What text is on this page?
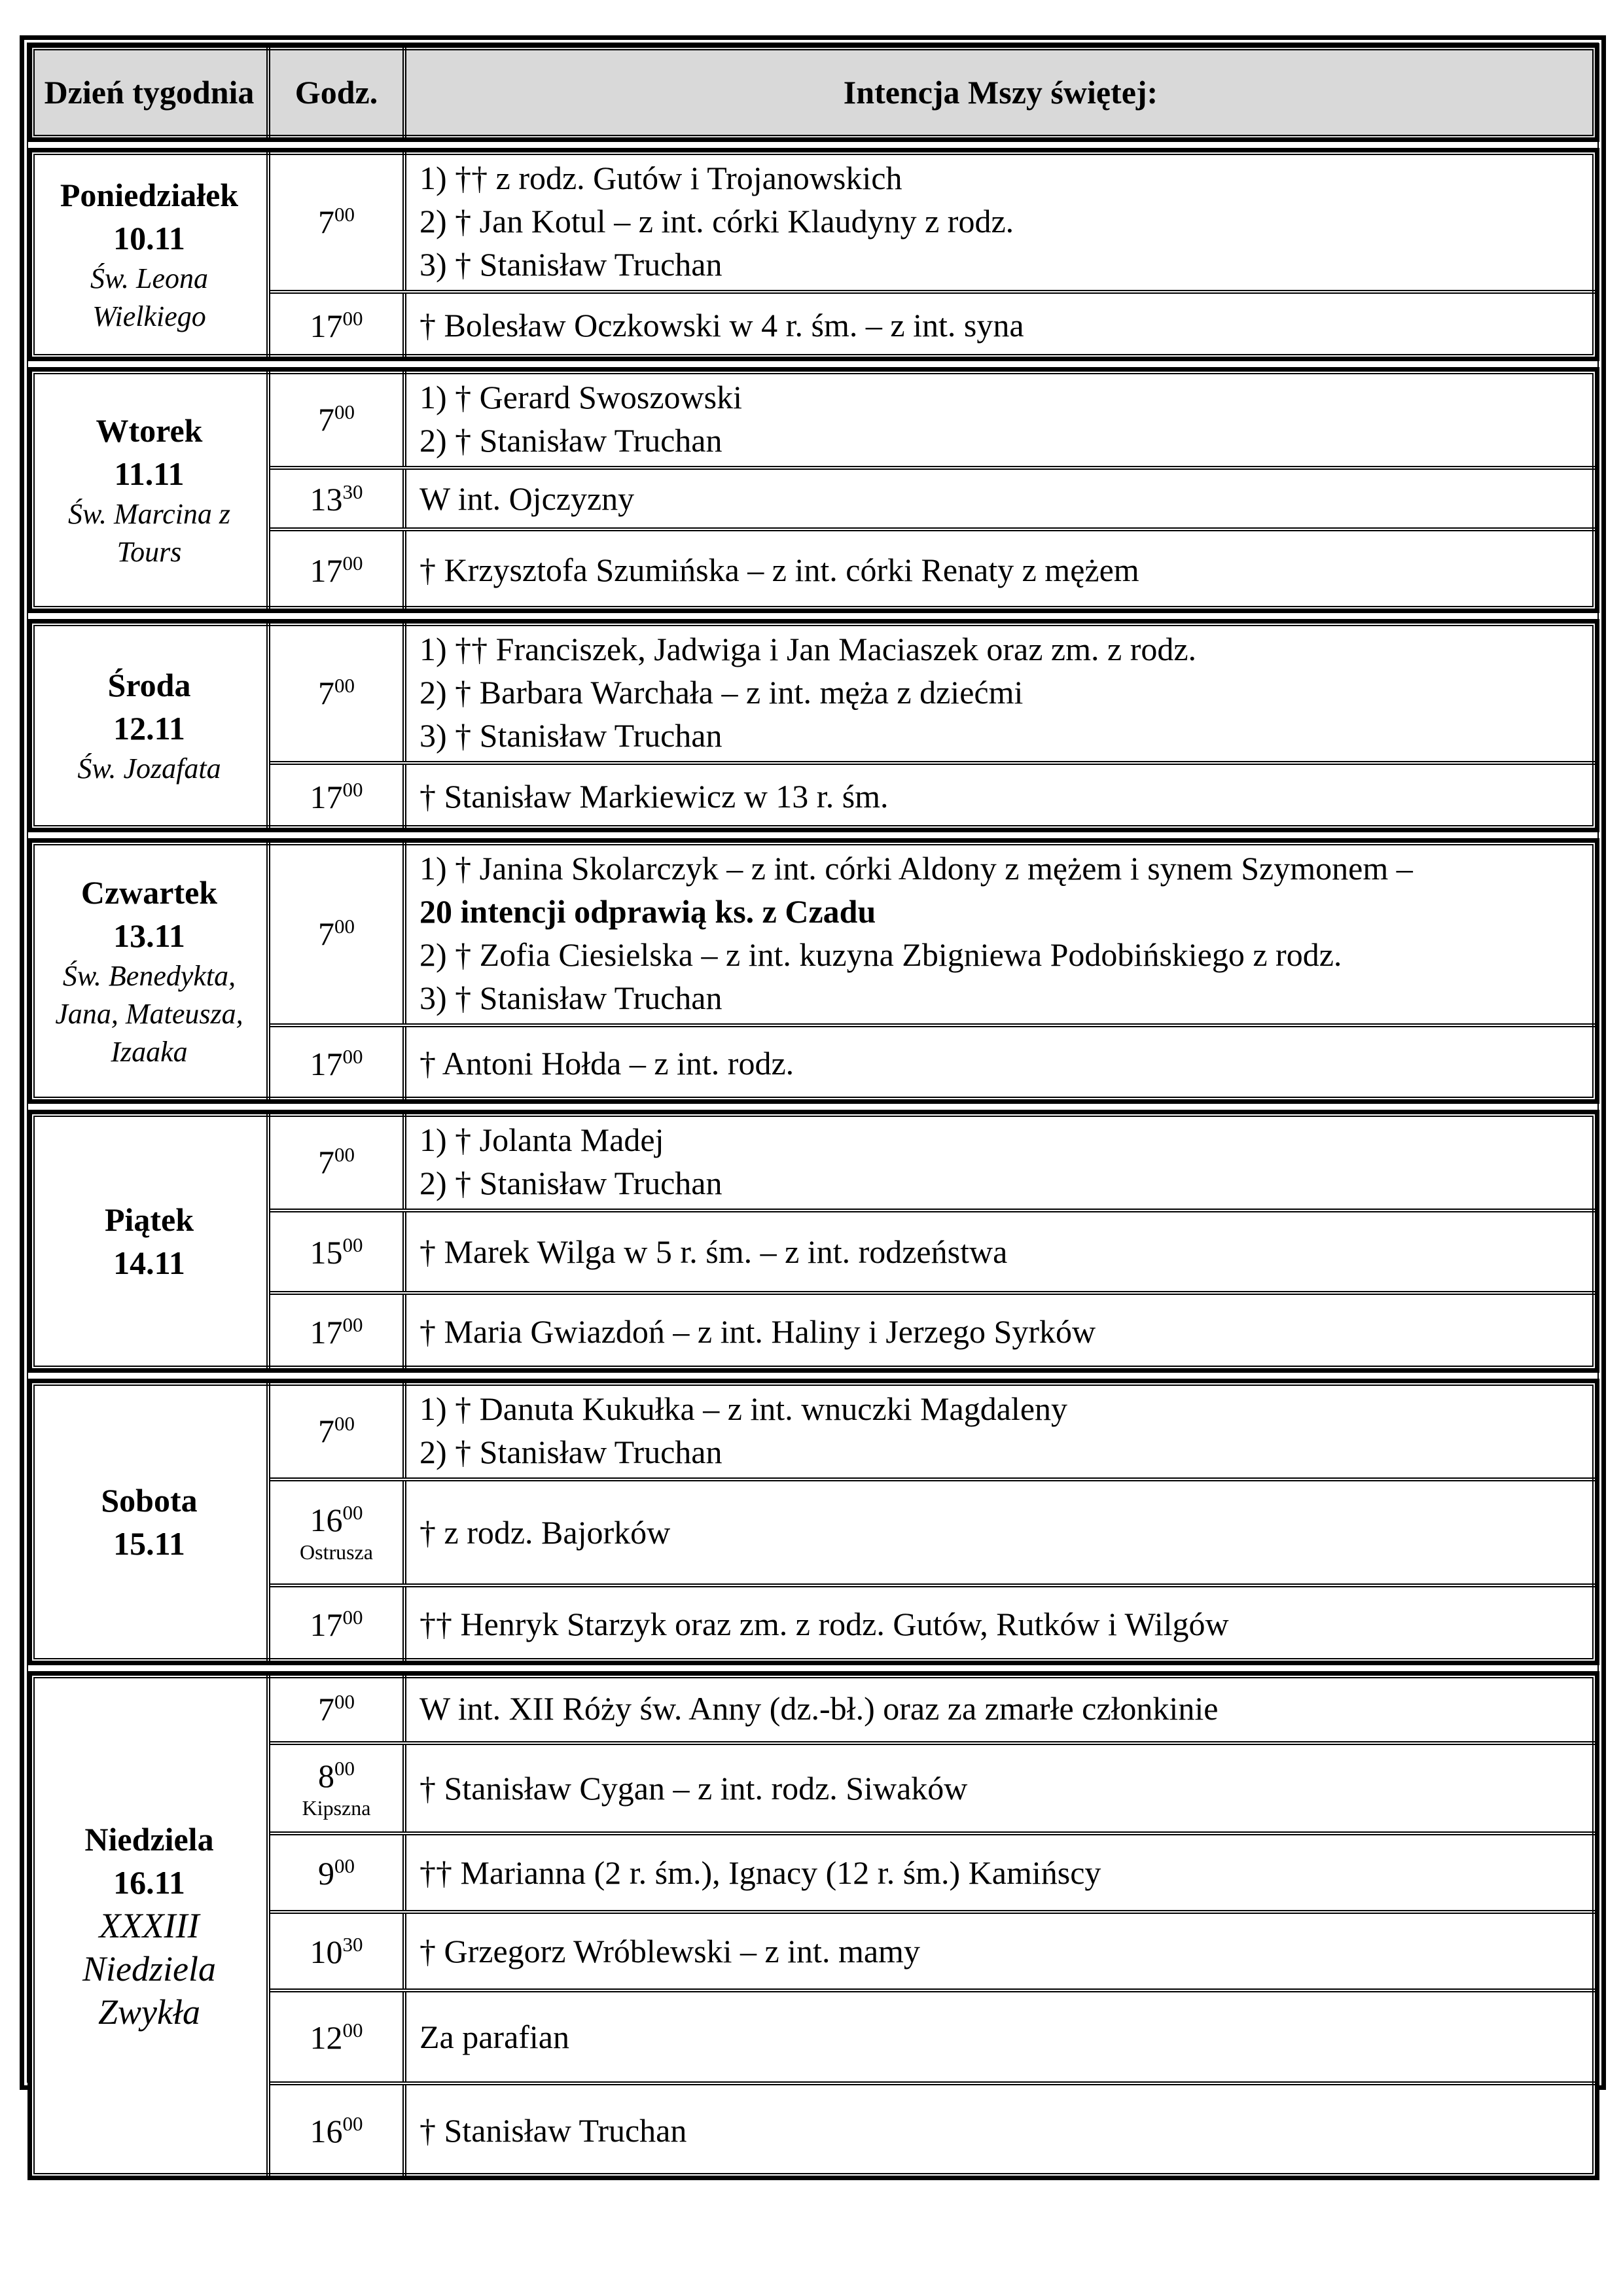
Dzień tygodnia	Godz.	Intencja Mszy świętej:
Poniedziałek
10.11
Św. Leona Wielkiego
$7^{00}$
1) †† z rodz. Gutów i Trojanowskich
2) † Jan Kotul – z int. córki Klaudyny z rodz.
3) † Stanisław Truchan
$17^{00}$ † Bolesław Oczkowski w 4 r. śm. – z int. syna
Wtorek
11.11
Św. Marcina z Tours
$7^{00}$ 1) † Gerard Swoszowski
2) † Stanisław Truchan
$13^{30}$ W int. Ojczyzny
$17^{00}$ † Krzysztofa Szumińska – z int. córki Renaty z mężem
Środa
12.11
Św. Jozafata
$7^{00}$
1) †† Franciszek, Jadwiga i Jan Maciaszek oraz zm. z rodz.
2) † Barbara Warchała – z int. męża z dziećmi
3) † Stanisław Truchan
$17^{00}$ † Stanisław Markiewicz w 13 r. śm.
Czwartek
13.11
Św. Benedykta, Jana, Mateusza, Izaaka
$7^{00}$
1) † Janina Skolarczyk – z int. córki Aldony z mężem i synem Szymonem –
20 intencji odprawią ks. z Czadu
2) † Zofia Ciesielska – z int. kuzyna Zbigniewa Podobińskiego z rodz.
3) † Stanisław Truchan
$17^{00}$ † Antoni Hołda – z int. rodz.
Piątek
14.11
$7^{00}$ 1) † Jolanta Madej
2) † Stanisław Truchan
$15^{00}$ † Marek Wilga w 5 r. śm. – z int. rodzeństwa
$17^{00}$ † Maria Gwiazdoń – z int. Haliny i Jerzego Syrków
Sobota
15.11
$7^{00}$ 1) † Danuta Kukułka – z int. wnuczki Magdaleny
2) † Stanisław Truchan
$16^{00}$
Ostrusza
† z rodz. Bajorków
$17^{00}$ †† Henryk Starzyk oraz zm. z rodz. Gutów, Rutków i Wilgów
Niedziela
16.11
XXXIII Niedziela Zwykła
$7^{00}$ W int. XII Róży św. Anny (dz.-bł.) oraz za zmarłe członkinie
$8^{00}$
Kipszna
† Stanisław Cygan – z int. rodz. Siwaków
$9^{00}$ †† Marianna (2 r. śm.), Ignacy (12 r. śm.) Kamińscy
$10^{30}$ † Grzegorz Wróblewski – z int. mamy
$12^{00}$ Za parafian
$16^{00}$ † Stanisław Truchan
